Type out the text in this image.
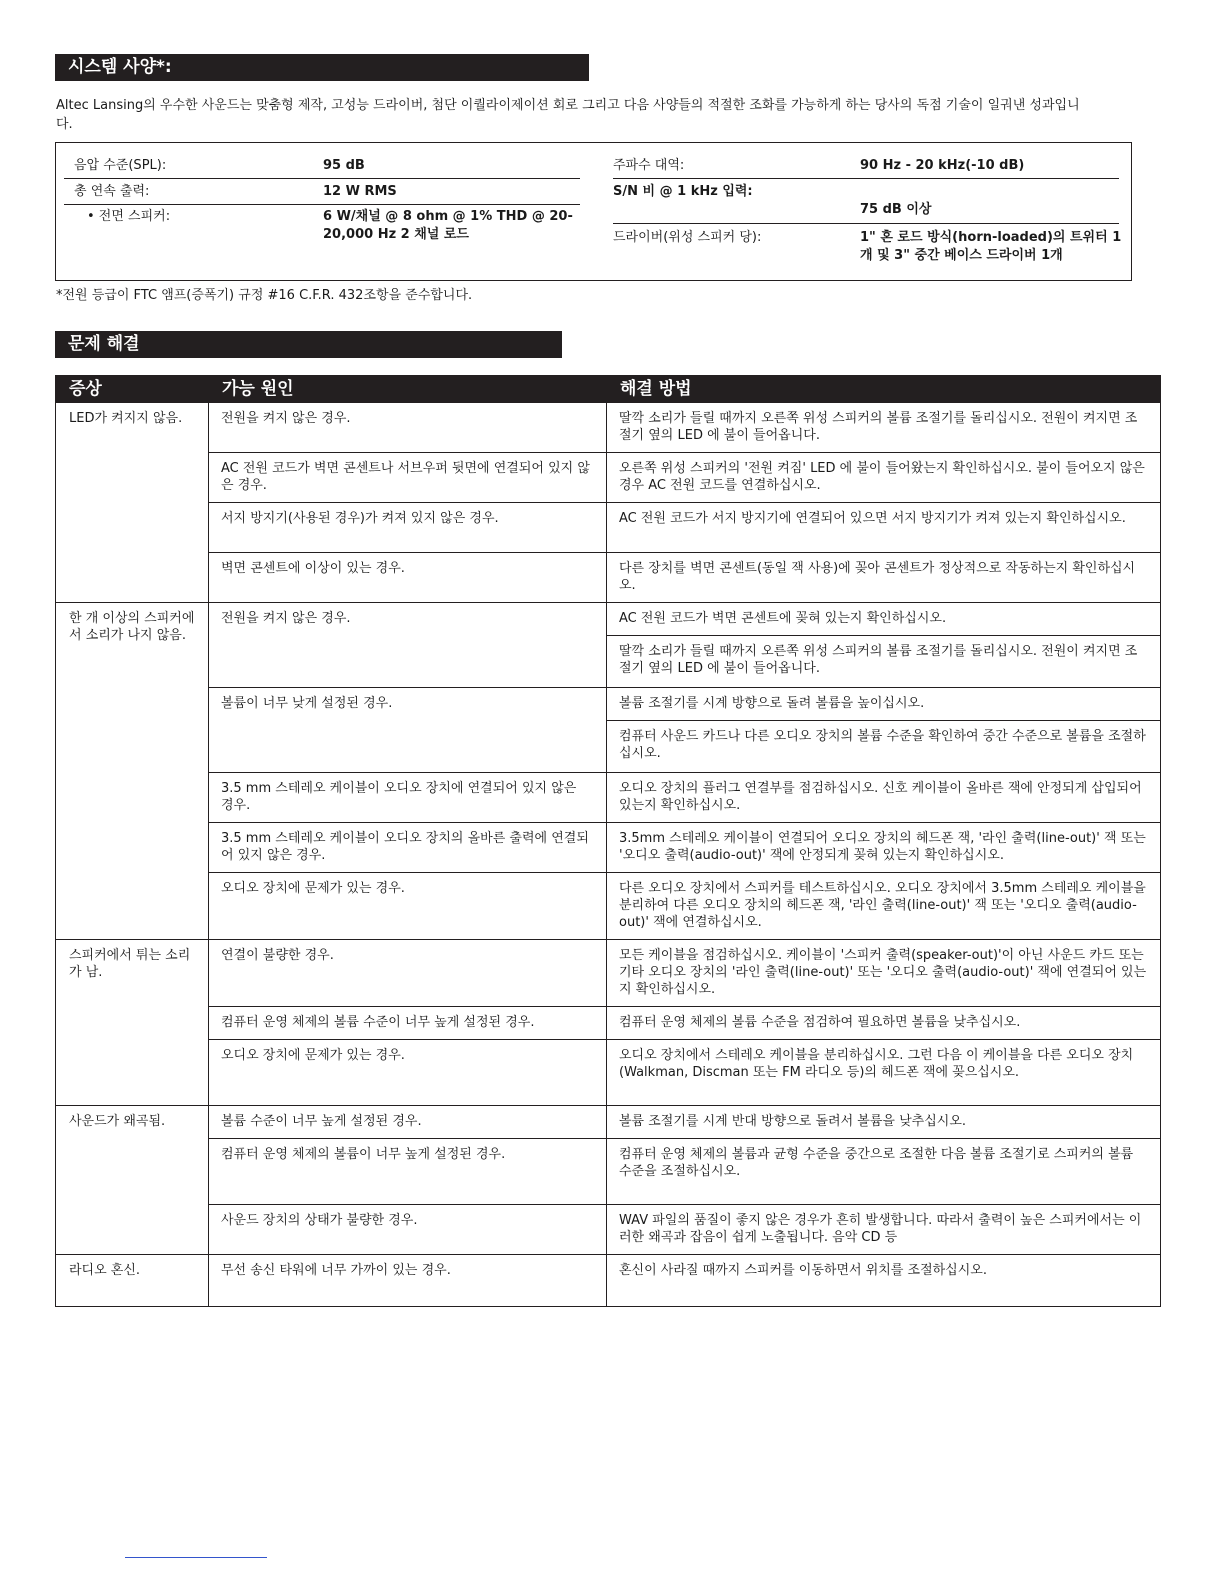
시스템 사양*:
Altec Lansing의 우수한 사운드는 맞춤형 제작, 고성능 드라이버, 첨단 이퀄라이제이션 회로 그리고 다음 사양들의 적절한 조화를 가능하게 하는 당사의 독점 기술이 일궈낸 성과입니다.
음압 수준(SPL):	95 dB
총 연속 출력:	12 W RMS
• 전면 스피커:	6 W/채널 @ 8 ohm @ 1% THD @ 20-20,000 Hz 2 채널 로드
주파수 대역:	90 Hz - 20 kHz(-10 dB)
S/N 비 @ 1 kHz 입력:
75 dB 이상
드라이버(위성 스피커 당):	1" 혼 로드 방식(horn-loaded)의 트위터 1개 및 3" 중간 베이스 드라이버 1개
*전원 등급이 FTC 앰프(증폭기) 규정 #16 C.F.R. 432조항을 준수합니다.
문제 해결
증상	가능 원인	해결 방법
LED가 켜지지 않음.	전원을 켜지 않은 경우.	딸깍 소리가 들릴 때까지 오른쪽 위성 스피커의 볼륨 조절기를 돌리십시오. 전원이 켜지면 조절기 옆의 LED 에 불이 들어옵니다.
	AC 전원 코드가 벽면 콘센트나 서브우퍼 뒷면에 연결되어 있지 않은 경우.	오른쪽 위성 스피커의 '전원 켜짐' LED 에 불이 들어왔는지 확인하십시오. 불이 들어오지 않은 경우 AC 전원 코드를 연결하십시오.
	서지 방지기(사용된 경우)가 켜져 있지 않은 경우.	AC 전원 코드가 서지 방지기에 연결되어 있으면 서지 방지기가 켜져 있는지 확인하십시오.
	벽면 콘센트에 이상이 있는 경우.	다른 장치를 벽면 콘센트(동일 잭 사용)에 꽂아 콘센트가 정상적으로 작동하는지 확인하십시오.
한 개 이상의 스피커에서 소리가 나지 않음.	전원을 켜지 않은 경우.	AC 전원 코드가 벽면 콘센트에 꽂혀 있는지 확인하십시오.
		딸깍 소리가 들릴 때까지 오른쪽 위성 스피커의 볼륨 조절기를 돌리십시오. 전원이 켜지면 조절기 옆의 LED 에 불이 들어옵니다.
	볼륨이 너무 낮게 설정된 경우.	볼륨 조절기를 시계 방향으로 돌려 볼륨을 높이십시오.
		컴퓨터 사운드 카드나 다른 오디오 장치의 볼륨 수준을 확인하여 중간 수준으로 볼륨을 조절하십시오.
	3.5 mm 스테레오 케이블이 오디오 장치에 연결되어 있지 않은 경우.	오디오 장치의 플러그 연결부를 점검하십시오. 신호 케이블이 올바른 잭에 안정되게 삽입되어 있는지 확인하십시오.
	3.5 mm 스테레오 케이블이 오디오 장치의 올바른 출력에 연결되어 있지 않은 경우.	3.5mm 스테레오 케이블이 연결되어 오디오 장치의 헤드폰 잭, '라인 출력(line-out)' 잭 또는 '오디오 출력(audio-out)' 잭에 안정되게 꽂혀 있는지 확인하십시오.
	오디오 장치에 문제가 있는 경우.	다른 오디오 장치에서 스피커를 테스트하십시오. 오디오 장치에서 3.5mm 스테레오 케이블을 분리하여 다른 오디오 장치의 헤드폰 잭, '라인 출력(line-out)' 잭 또는 '오디오 출력(audio-out)' 잭에 연결하십시오.
스피커에서 튀는 소리가 남.	연결이 불량한 경우.	모든 케이블을 점검하십시오. 케이블이 '스피커 출력(speaker-out)'이 아닌 사운드 카드 또는 기타 오디오 장치의 '라인 출력(line-out)' 또는 '오디오 출력(audio-out)' 잭에 연결되어 있는지 확인하십시오.
	컴퓨터 운영 체제의 볼륨 수준이 너무 높게 설정된 경우.	컴퓨터 운영 체제의 볼륨 수준을 점검하여 필요하면 볼륨을 낮추십시오.
	오디오 장치에 문제가 있는 경우.	오디오 장치에서 스테레오 케이블을 분리하십시오. 그런 다음 이 케이블을 다른 오디오 장치(Walkman, Discman 또는 FM 라디오 등)의 헤드폰 잭에 꽂으십시오.
사운드가 왜곡됨.	볼륨 수준이 너무 높게 설정된 경우.	볼륨 조절기를 시계 반대 방향으로 돌려서 볼륨을 낮추십시오.
	컴퓨터 운영 체제의 볼륨이 너무 높게 설정된 경우.	컴퓨터 운영 체제의 볼륨과 균형 수준을 중간으로 조절한 다음 볼륨 조절기로 스피커의 볼륨 수준을 조절하십시오.
	사운드 장치의 상태가 불량한 경우.	WAV 파일의 품질이 좋지 않은 경우가 흔히 발생합니다. 따라서 출력이 높은 스피커에서는 이러한 왜곡과 잡음이 쉽게 노출됩니다. 음악 CD 등
라디오 혼신.	무선 송신 타워에 너무 가까이 있는 경우.	혼신이 사라질 때까지 스피커를 이동하면서 위치를 조절하십시오.
